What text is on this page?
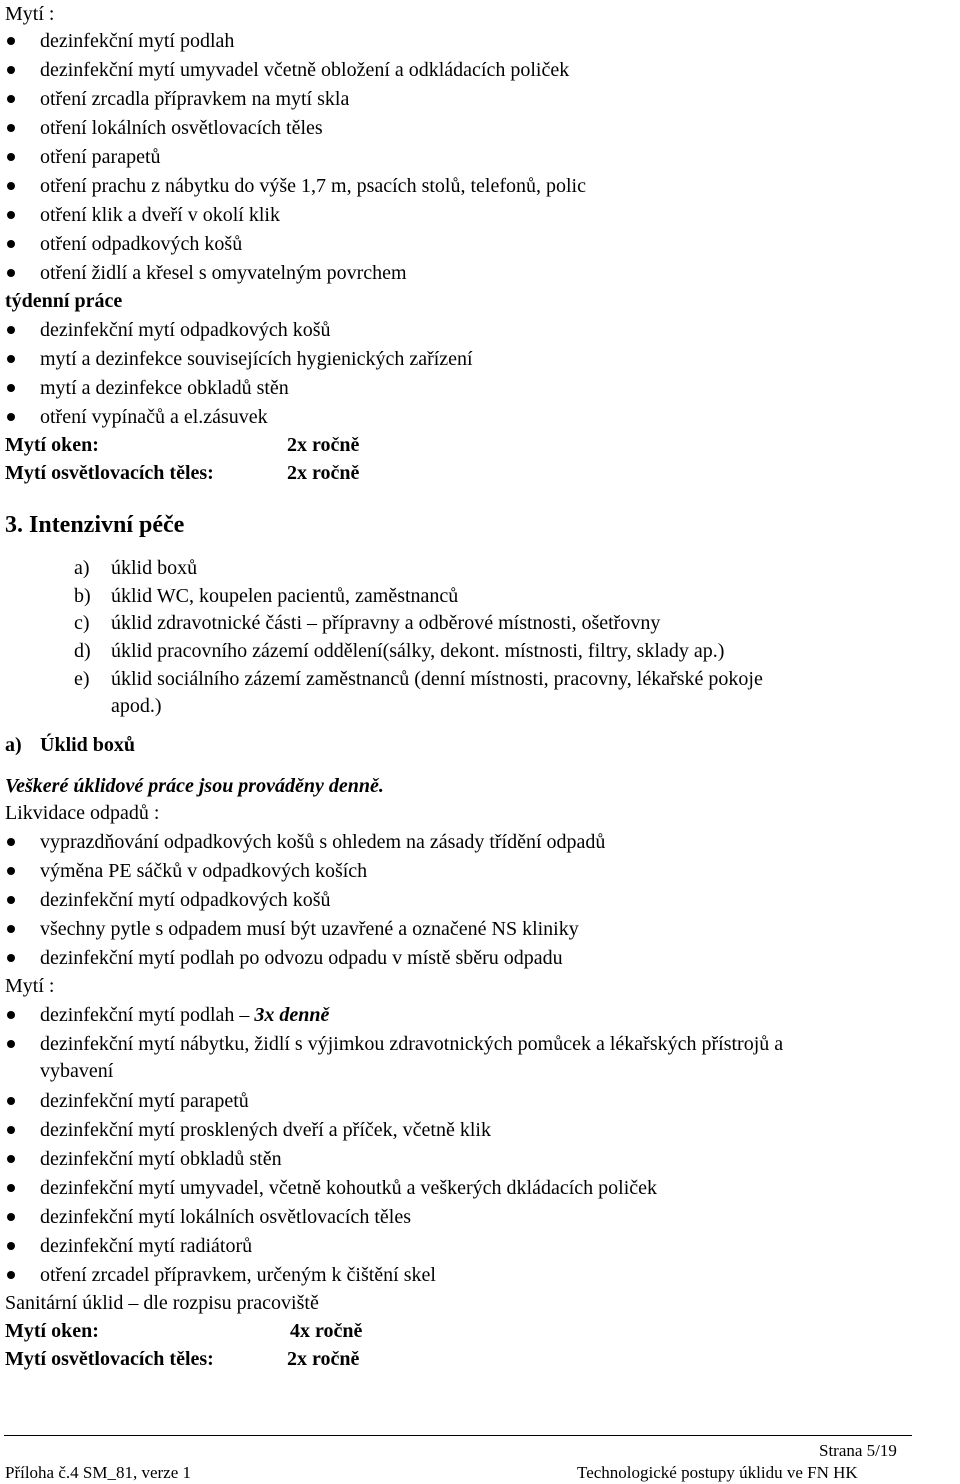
Mytí :
dezinfekční mytí podlah
dezinfekční mytí umyvadel včetně obložení a odkládacích poliček
otření zrcadla přípravkem na mytí skla
otření lokálních osvětlovacích těles
otření parapetů
otření prachu z nábytku do výše 1,7 m, psacích stolů, telefonů, polic
otření klik a dveří v okolí klik
otření odpadkových košů
otření židlí a křesel s omyvatelným povrchem
týdenní práce
dezinfekční mytí odpadkových košů
mytí a dezinfekce souvisejících hygienických zařízení
mytí a dezinfekce obkladů stěn
otření vypínačů a el.zásuvek
Mytí oken:	2x ročně
Mytí osvětlovacích těles:	2x ročně
3. Intenzivní péče
a) úklid boxů
b) úklid WC, koupelen pacientů, zaměstnanců
c) úklid zdravotnické části – přípravny a odběrové místnosti, ošetřovny
d) úklid pracovního zázemí oddělení(sálky, dekont. místnosti, filtry, sklady ap.)
e) úklid sociálního zázemí zaměstnanců (denní místnosti, pracovny, lékařské pokoje
apod.)
a) Úklid boxů
Veškeré úklidové práce jsou prováděny denně.
Likvidace odpadů :
vyprazdňování odpadkových košů s ohledem na zásady třídění odpadů
výměna PE sáčků v odpadkových koších
dezinfekční mytí odpadkových košů
všechny pytle s odpadem musí být uzavřené a označené NS kliniky
dezinfekční mytí podlah po odvozu odpadu v místě sběru odpadu
Mytí :
dezinfekční mytí podlah – 3x denně
dezinfekční mytí nábytku, židlí s výjimkou zdravotnických pomůcek a lékařských přístrojů a
vybavení
dezinfekční mytí parapetů
dezinfekční mytí prosklených dveří a příček, včetně klik
dezinfekční mytí obkladů stěn
dezinfekční mytí umyvadel, včetně kohoutků a veškerých dkládacích poliček
dezinfekční mytí lokálních osvětlovacích těles
dezinfekční mytí radiátorů
otření zrcadel přípravkem, určeným k čištění skel
Sanitární úklid – dle rozpisu pracoviště
Mytí oken:	4x ročně
Mytí osvětlovacích těles:	2x ročně
Strana 5/19
Příloha č.4 SM_81, verze 1	Technologické postupy úklidu ve FN HK
